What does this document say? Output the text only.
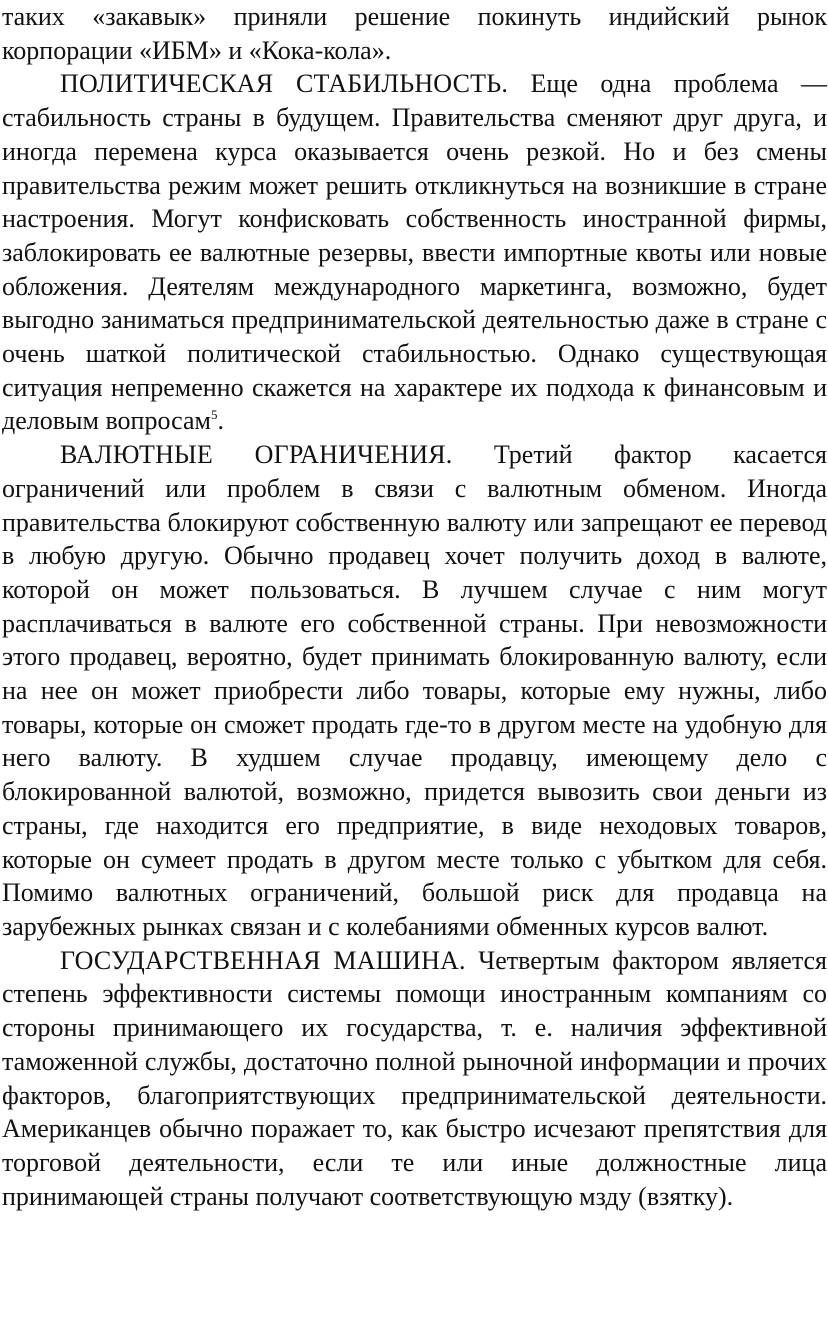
таких «закавык» приняли решение покинуть индийский рынок корпорации «ИБМ» и «Кока-кола».

ПОЛИТИЧЕСКАЯ СТАБИЛЬНОСТЬ. Еще одна проблема — стабильность страны в будущем. Правительства сменяют друг друга, и иногда перемена курса оказывается очень резкой. Но и без смены правительства режим может решить откликнуться на возникшие в стране настроения. Могут конфисковать собственность иностранной фирмы, заблокировать ее валютные резервы, ввести импортные квоты или новые обложения. Деятелям международного маркетинга, возможно, будет выгодно заниматься предпринимательской деятельностью даже в стране с очень шаткой политической стабильностью. Однако существующая ситуация непременно скажется на характере их подхода к финансовым и деловым вопросам$^5$.

ВАЛЮТНЫЕ ОГРАНИЧЕНИЯ. Третий фактор касается ограничений или проблем в связи с валютным обменом. Иногда правительства блокируют собственную валюту или запрещают ее перевод в любую другую. Обычно продавец хочет получить доход в валюте, которой он может пользоваться. В лучшем случае с ним могут расплачиваться в валюте его собственной страны. При невозможности этого продавец, вероятно, будет принимать блокированную валюту, если на нее он может приобрести либо товары, которые ему нужны, либо товары, которые он сможет продать где-то в другом месте на удобную для него валюту. В худшем случае продавцу, имеющему дело с блокированной валютой, возможно, придется вывозить свои деньги из страны, где находится его предприятие, в виде неходовых товаров, которые он сумеет продать в другом месте только с убытком для себя. Помимо валютных ограничений, большой риск для продавца на зарубежных рынках связан и с колебаниями обменных курсов валют.

ГОСУДАРСТВЕННАЯ МАШИНА. Четвертым фактором является степень эффективности системы помощи иностранным компаниям со стороны принимающего их государства, т. е. наличия эффективной таможенной службы, достаточно полной рыночной информации и прочих факторов, благоприятствующих предпринимательской деятельности. Американцев обычно поражает то, как быстро исчезают препятствия для торговой деятельности, если те или иные должностные лица принимающей страны получают соответствующую мзду (взятку).
